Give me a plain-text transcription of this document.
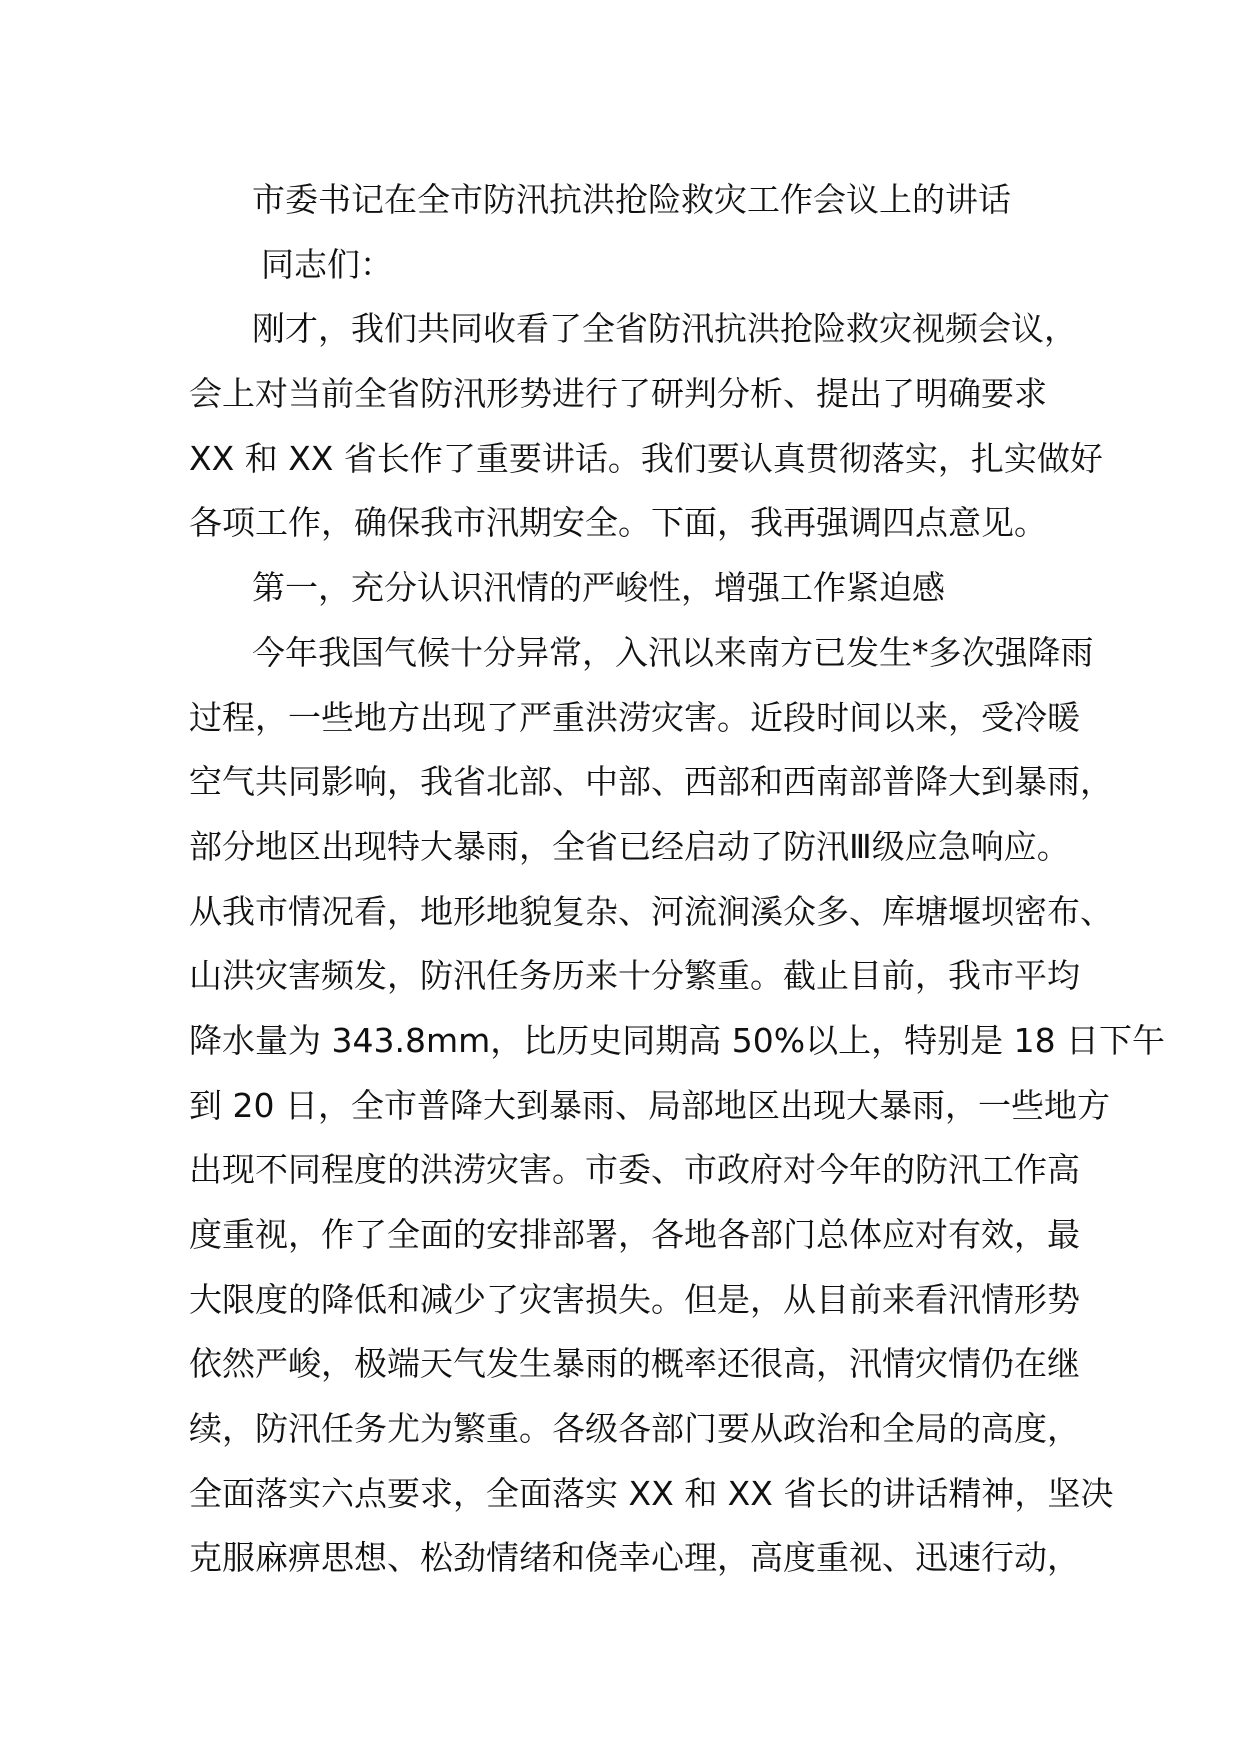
市委书记在全市防汛抗洪抢险救灾工作会议上的讲话
同志们：
刚才，我们共同收看了全省防汛抗洪抢险救灾视频会议，
会上对当前全省防汛形势进行了研判分析、提出了明确要求
XX 和 XX 省长作了重要讲话。我们要认真贯彻落实，扎实做好
各项工作，确保我市汛期安全。下面，我再强调四点意见。
第一，充分认识汛情的严峻性，增强工作紧迫感
今年我国气候十分异常，入汛以来南方已发生*多次强降雨
过程，一些地方出现了严重洪涝灾害。近段时间以来，受冷暖
空气共同影响，我省北部、中部、西部和西南部普降大到暴雨，
部分地区出现特大暴雨，全省已经启动了防汛Ⅲ级应急响应。
从我市情况看，地形地貌复杂、河流涧溪众多、库塘堰坝密布、
山洪灾害频发，防汛任务历来十分繁重。截止目前，我市平均
降水量为 343.8mm，比历史同期高 50%以上，特别是 18 日下午
到 20 日，全市普降大到暴雨、局部地区出现大暴雨，一些地方
出现不同程度的洪涝灾害。市委、市政府对今年的防汛工作高
度重视，作了全面的安排部署，各地各部门总体应对有效，最
大限度的降低和减少了灾害损失。但是，从目前来看汛情形势
依然严峻，极端天气发生暴雨的概率还很高，汛情灾情仍在继
续，防汛任务尤为繁重。各级各部门要从政治和全局的高度，
全面落实六点要求，全面落实 XX 和 XX 省长的讲话精神，坚决
克服麻痹思想、松劲情绪和侥幸心理，高度重视、迅速行动，
